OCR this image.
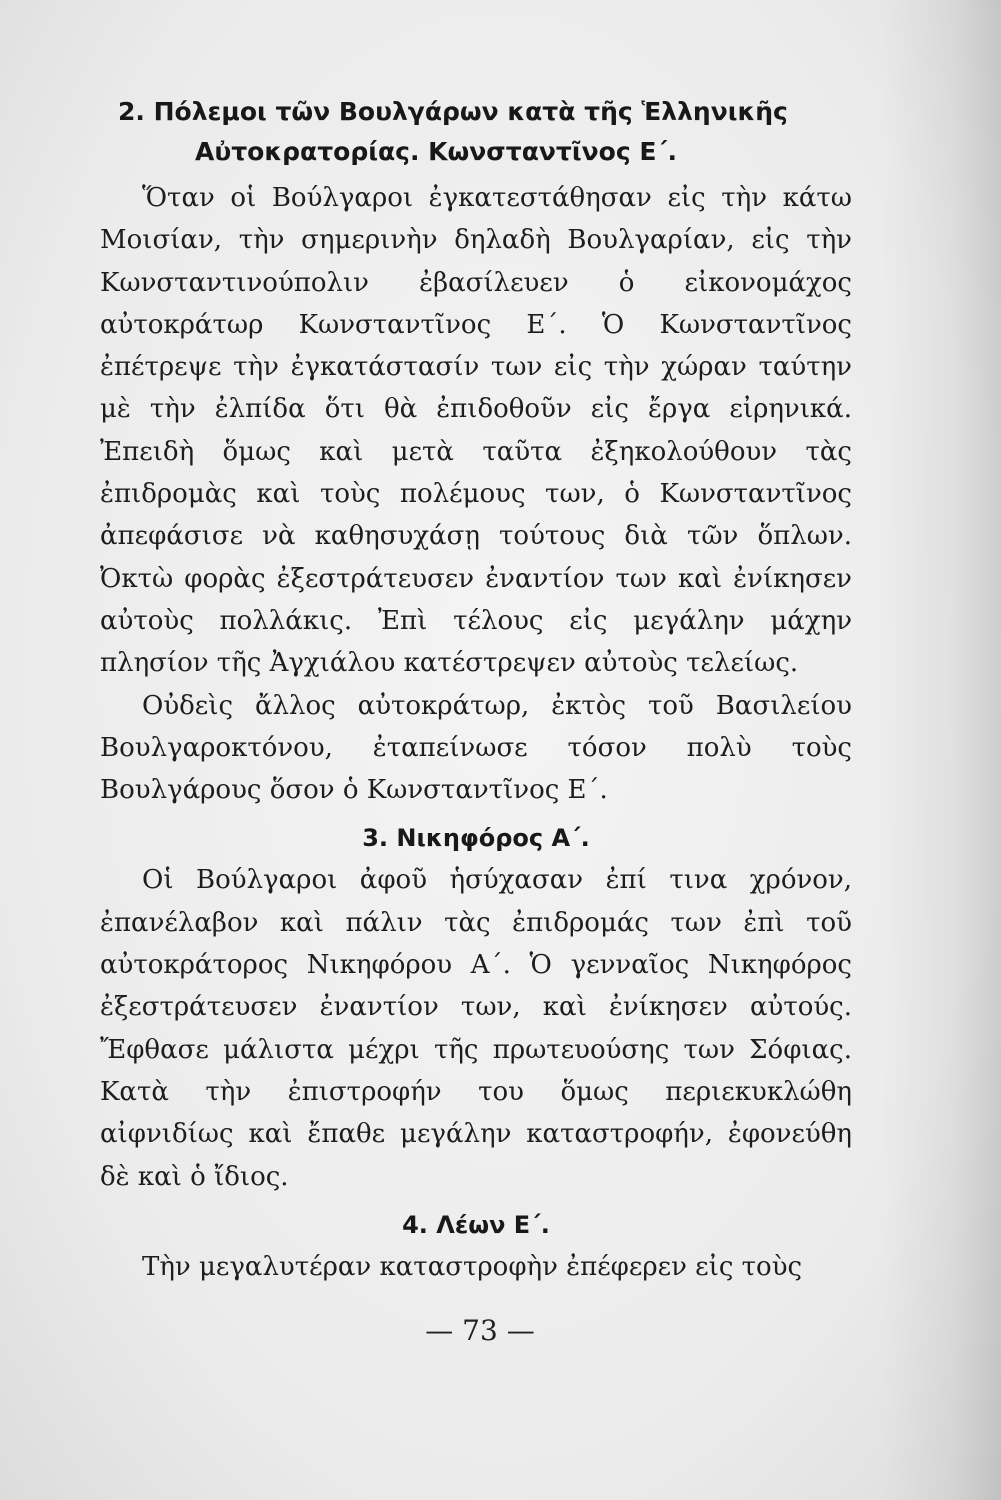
2. Πόλεμοι τῶν Βουλγάρων κατὰ τῆς Ἑλληνικῆς
Αὐτοκρατορίας. Κωνσταντῖνος Ε΄.

Ὅταν οἱ Βούλγαροι ἐγκατεστάθησαν εἰς τὴν κάτω Μοισίαν, τὴν σημερινὴν δηλαδὴ Βουλγαρίαν, εἰς τὴν Κωνσταντινούπολιν ἐβασίλευεν ὁ εἰκονομάχος αὐτοκράτωρ Κωνσταντῖνος Ε΄. Ὁ Κωνσταντῖνος ἐπέτρεψε τὴν ἐγκατάστασίν των εἰς τὴν χώραν ταύτην μὲ τὴν ἐλπίδα ὅτι θὰ ἐπιδοθοῦν εἰς ἔργα εἰρηνικά. Ἐπειδὴ ὅμως καὶ μετὰ ταῦτα ἐξηκολούθουν τὰς ἐπιδρομὰς καὶ τοὺς πολέμους των, ὁ Κωνσταντῖνος ἀπεφάσισε νὰ καθησυχάσῃ τούτους διὰ τῶν ὅπλων. Ὀκτὼ φορὰς ἐξεστράτευσεν ἐναντίον των καὶ ἐνίκησεν αὐτοὺς πολλάκις. Ἐπὶ τέλους εἰς μεγάλην μάχην πλησίον τῆς Ἀγχιάλου κατέστρεψεν αὐτοὺς τελείως.

Οὐδεὶς ἄλλος αὐτοκράτωρ, ἐκτὸς τοῦ Βασιλείου Βουλγαροκτόνου, ἐταπείνωσε τόσον πολὺ τοὺς Βουλγάρους ὅσον ὁ Κωνσταντῖνος Ε΄.

3. Νικηφόρος Α΄.

Οἱ Βούλγαροι ἀφοῦ ἡσύχασαν ἐπί τινα χρόνον, ἐπανέλαβον καὶ πάλιν τὰς ἐπιδρομάς των ἐπὶ τοῦ αὐτοκράτορος Νικηφόρου Α΄. Ὁ γενναῖος Νικηφόρος ἐξεστράτευσεν ἐναντίον των, καὶ ἐνίκησεν αὐτούς. Ἔφθασε μάλιστα μέχρι τῆς πρωτευούσης των Σόφιας. Κατὰ τὴν ἐπιστροφήν του ὅμως περιεκυκλώθη αἰφνιδίως καὶ ἔπαθε μεγάλην καταστροφήν, ἐφονεύθη δὲ καὶ ὁ ἴδιος.

4. Λέων Ε΄.

Τὴν μεγαλυτέραν καταστροφὴν ἐπέφερεν εἰς τοὺς

— 73 —
